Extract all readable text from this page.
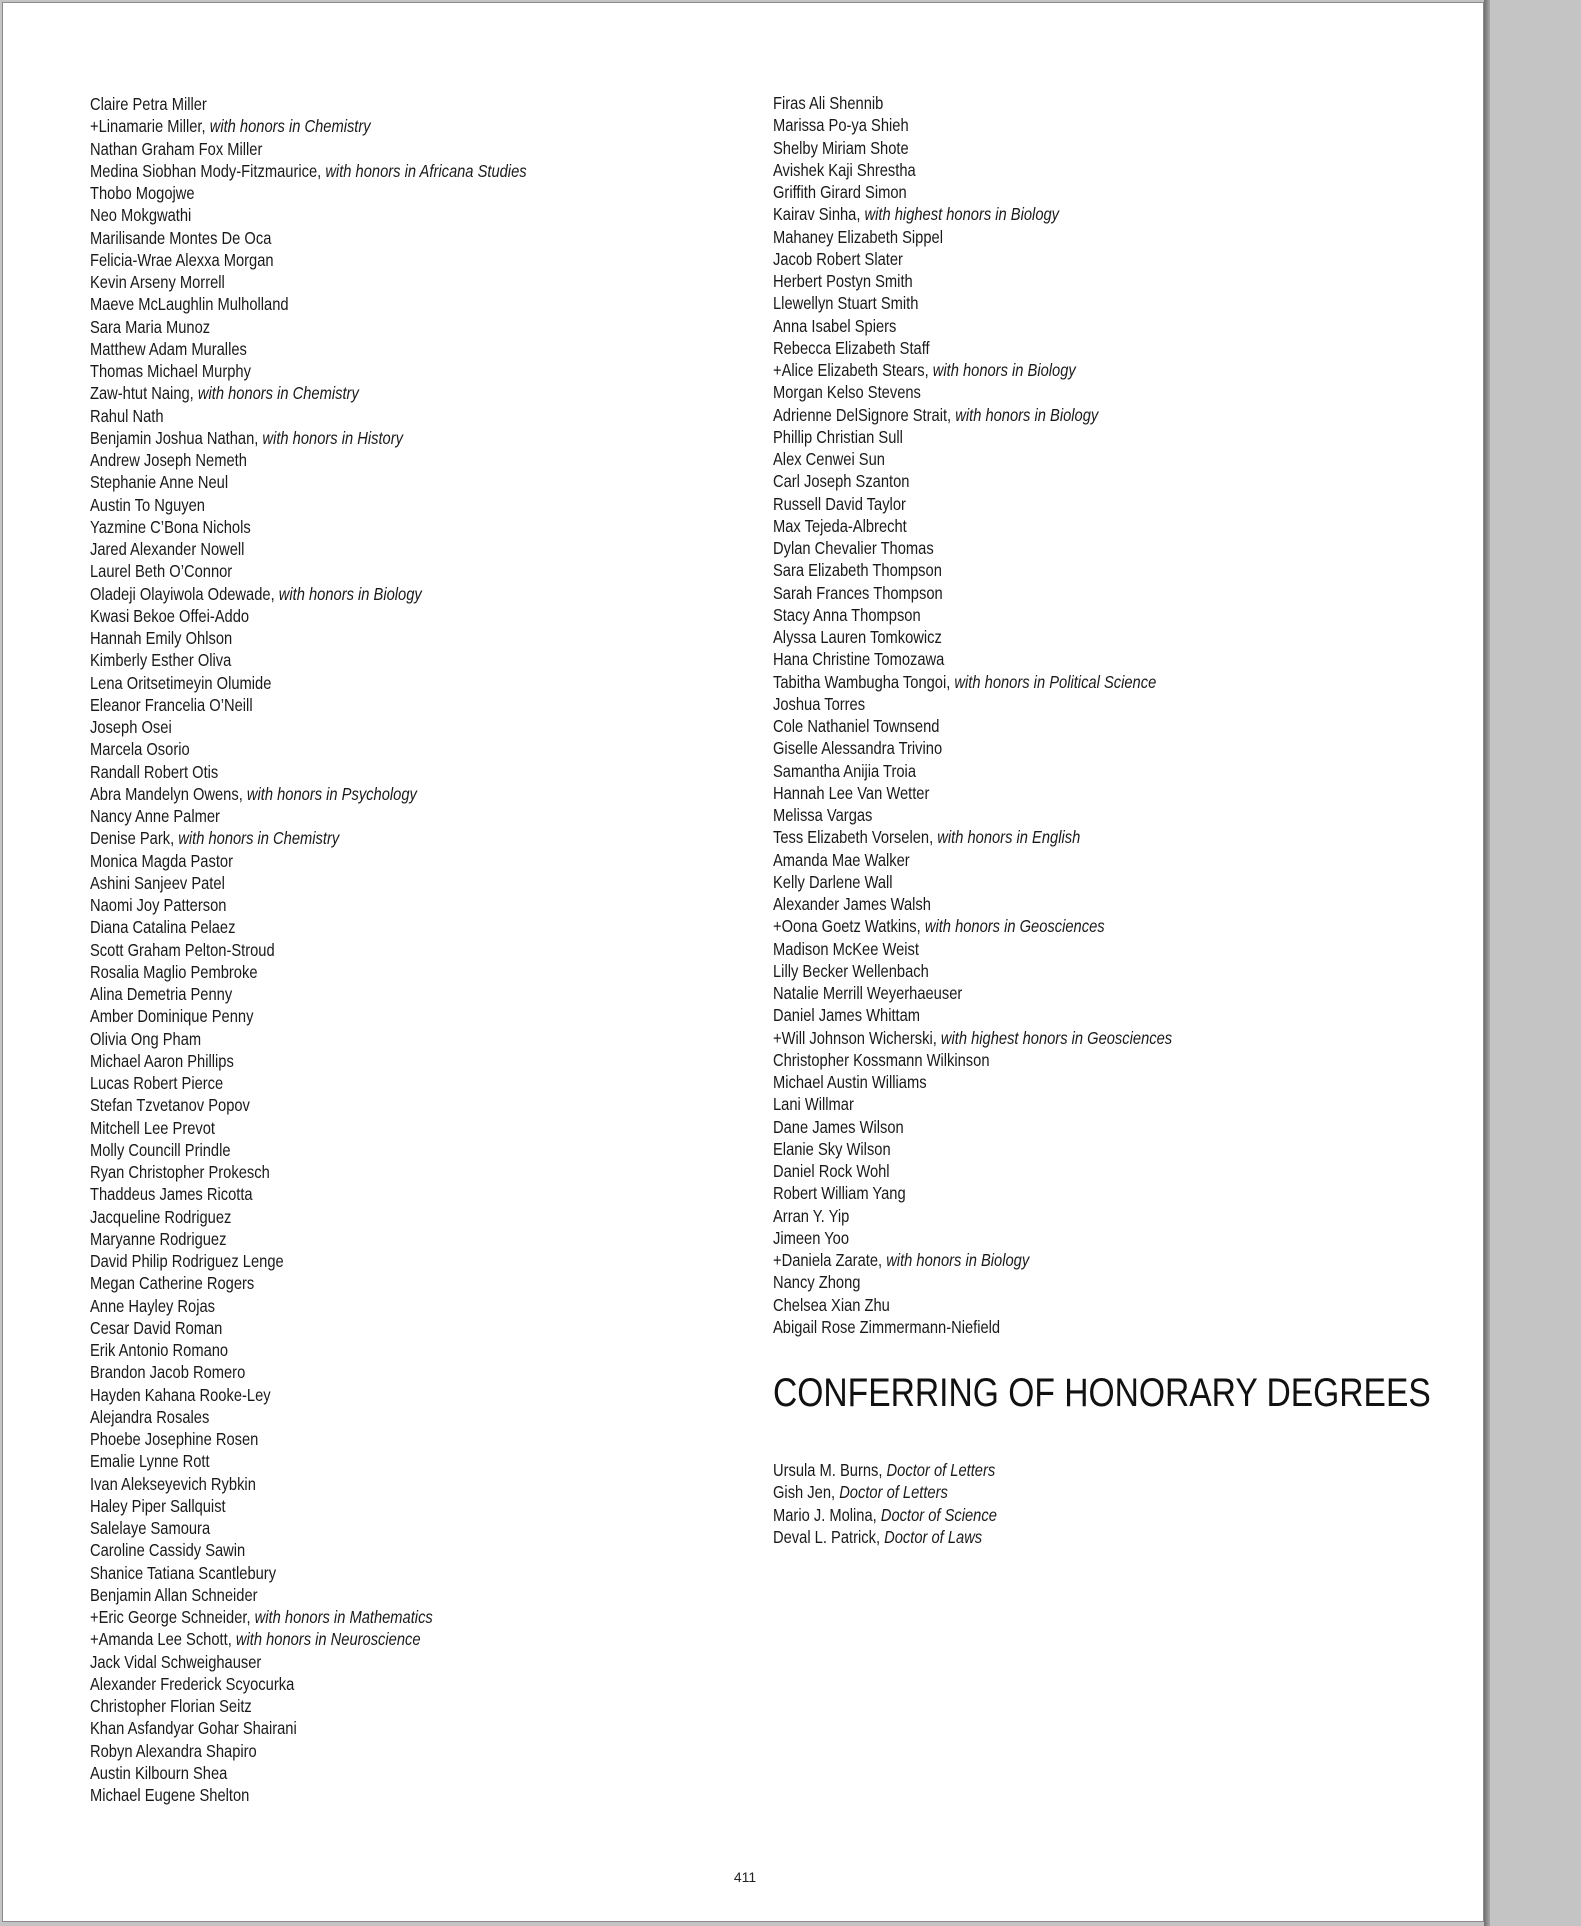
Claire Petra Miller
+Linamarie Miller, with honors in Chemistry
Nathan Graham Fox Miller
Medina Siobhan Mody-Fitzmaurice, with honors in Africana Studies
Thobo Mogojwe
Neo Mokgwathi
Marilisande Montes De Oca
Felicia-Wrae Alexxa Morgan
Kevin Arseny Morrell
Maeve McLaughlin Mulholland
Sara Maria Munoz
Matthew Adam Muralles
Thomas Michael Murphy
Zaw-htut Naing, with honors in Chemistry
Rahul Nath
Benjamin Joshua Nathan, with honors in History
Andrew Joseph Nemeth
Stephanie Anne Neul
Austin To Nguyen
Yazmine C’Bona Nichols
Jared Alexander Nowell
Laurel Beth O’Connor
Oladeji Olayiwola Odewade, with honors in Biology
Kwasi Bekoe Offei-Addo
Hannah Emily Ohlson
Kimberly Esther Oliva
Lena Oritsetimeyin Olumide
Eleanor Francelia O’Neill
Joseph Osei
Marcela Osorio
Randall Robert Otis
Abra Mandelyn Owens, with honors in Psychology
Nancy Anne Palmer
Denise Park, with honors in Chemistry
Monica Magda Pastor
Ashini Sanjeev Patel
Naomi Joy Patterson
Diana Catalina Pelaez
Scott Graham Pelton-Stroud
Rosalia Maglio Pembroke
Alina Demetria Penny
Amber Dominique Penny
Olivia Ong Pham
Michael Aaron Phillips
Lucas Robert Pierce
Stefan Tzvetanov Popov
Mitchell Lee Prevot
Molly Councill Prindle
Ryan Christopher Prokesch
Thaddeus James Ricotta
Jacqueline Rodriguez
Maryanne Rodriguez
David Philip Rodriguez Lenge
Megan Catherine Rogers
Anne Hayley Rojas
Cesar David Roman
Erik Antonio Romano
Brandon Jacob Romero
Hayden Kahana Rooke-Ley
Alejandra Rosales
Phoebe Josephine Rosen
Emalie Lynne Rott
Ivan Alekseyevich Rybkin
Haley Piper Sallquist
Salelaye Samoura
Caroline Cassidy Sawin
Shanice Tatiana Scantlebury
Benjamin Allan Schneider
+Eric George Schneider, with honors in Mathematics
+Amanda Lee Schott, with honors in Neuroscience
Jack Vidal Schweighauser
Alexander Frederick Scyocurka
Christopher Florian Seitz
Khan Asfandyar Gohar Shairani
Robyn Alexandra Shapiro
Austin Kilbourn Shea
Michael Eugene Shelton
Firas Ali Shennib
Marissa Po-ya Shieh
Shelby Miriam Shote
Avishek Kaji Shrestha
Griffith Girard Simon
Kairav Sinha, with highest honors in Biology
Mahaney Elizabeth Sippel
Jacob Robert Slater
Herbert Postyn Smith
Llewellyn Stuart Smith
Anna Isabel Spiers
Rebecca Elizabeth Staff
+Alice Elizabeth Stears, with honors in Biology
Morgan Kelso Stevens
Adrienne DelSignore Strait, with honors in Biology
Phillip Christian Sull
Alex Cenwei Sun
Carl Joseph Szanton
Russell David Taylor
Max Tejeda-Albrecht
Dylan Chevalier Thomas
Sara Elizabeth Thompson
Sarah Frances Thompson
Stacy Anna Thompson
Alyssa Lauren Tomkowicz
Hana Christine Tomozawa
Tabitha Wambugha Tongoi, with honors in Political Science
Joshua Torres
Cole Nathaniel Townsend
Giselle Alessandra Trivino
Samantha Anijia Troia
Hannah Lee Van Wetter
Melissa Vargas
Tess Elizabeth Vorselen, with honors in English
Amanda Mae Walker
Kelly Darlene Wall
Alexander James Walsh
+Oona Goetz Watkins, with honors in Geosciences
Madison McKee Weist
Lilly Becker Wellenbach
Natalie Merrill Weyerhaeuser
Daniel James Whittam
+Will Johnson Wicherski, with highest honors in Geosciences
Christopher Kossmann Wilkinson
Michael Austin Williams
Lani Willmar
Dane James Wilson
Elanie Sky Wilson
Daniel Rock Wohl
Robert William Yang
Arran Y. Yip
Jimeen Yoo
+Daniela Zarate, with honors in Biology
Nancy Zhong
Chelsea Xian Zhu
Abigail Rose Zimmermann-Niefield
CONFERRING OF HONORARY DEGREES
Ursula M. Burns, Doctor of Letters
Gish Jen, Doctor of Letters
Mario J. Molina, Doctor of Science
Deval L. Patrick, Doctor of Laws
411
